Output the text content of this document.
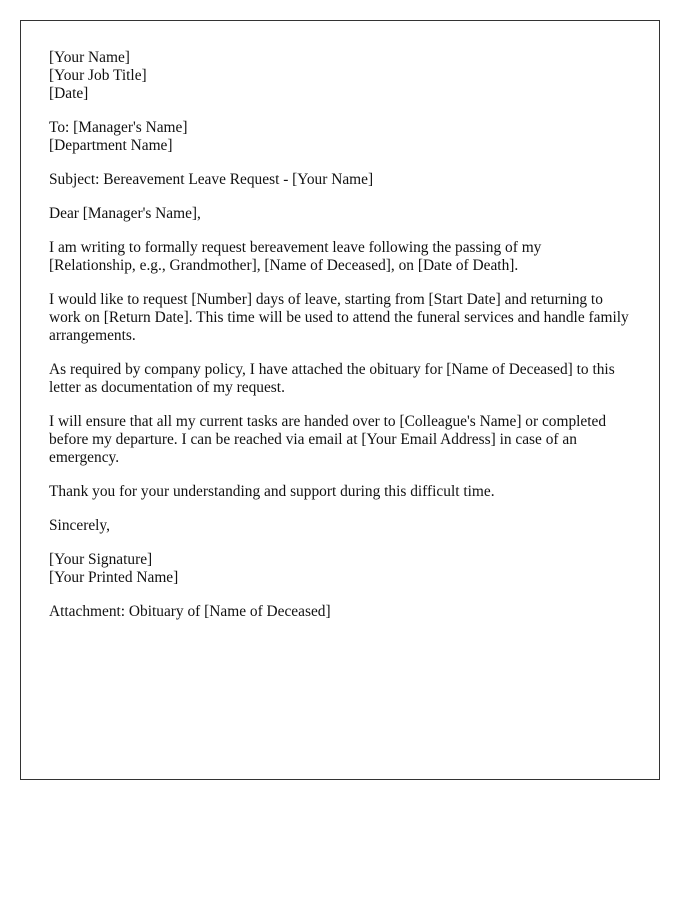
[Your Name]
[Your Job Title]
[Date]
To: [Manager's Name]
[Department Name]

Subject: Bereavement Leave Request - [Your Name]

Dear [Manager's Name],

I am writing to formally request bereavement leave following the passing of my [Relationship, e.g., Grandmother], [Name of Deceased], on [Date of Death].

I would like to request [Number] days of leave, starting from [Start Date] and returning to work on [Return Date]. This time will be used to attend the funeral services and handle family arrangements.

As required by company policy, I have attached the obituary for [Name of Deceased] to this letter as documentation of my request.

I will ensure that all my current tasks are handed over to [Colleague's Name] or completed before my departure. I can be reached via email at [Your Email Address] in case of an emergency.

Thank you for your understanding and support during this difficult time.

Sincerely,

[Your Signature]
[Your Printed Name]

Attachment: Obituary of [Name of Deceased]
